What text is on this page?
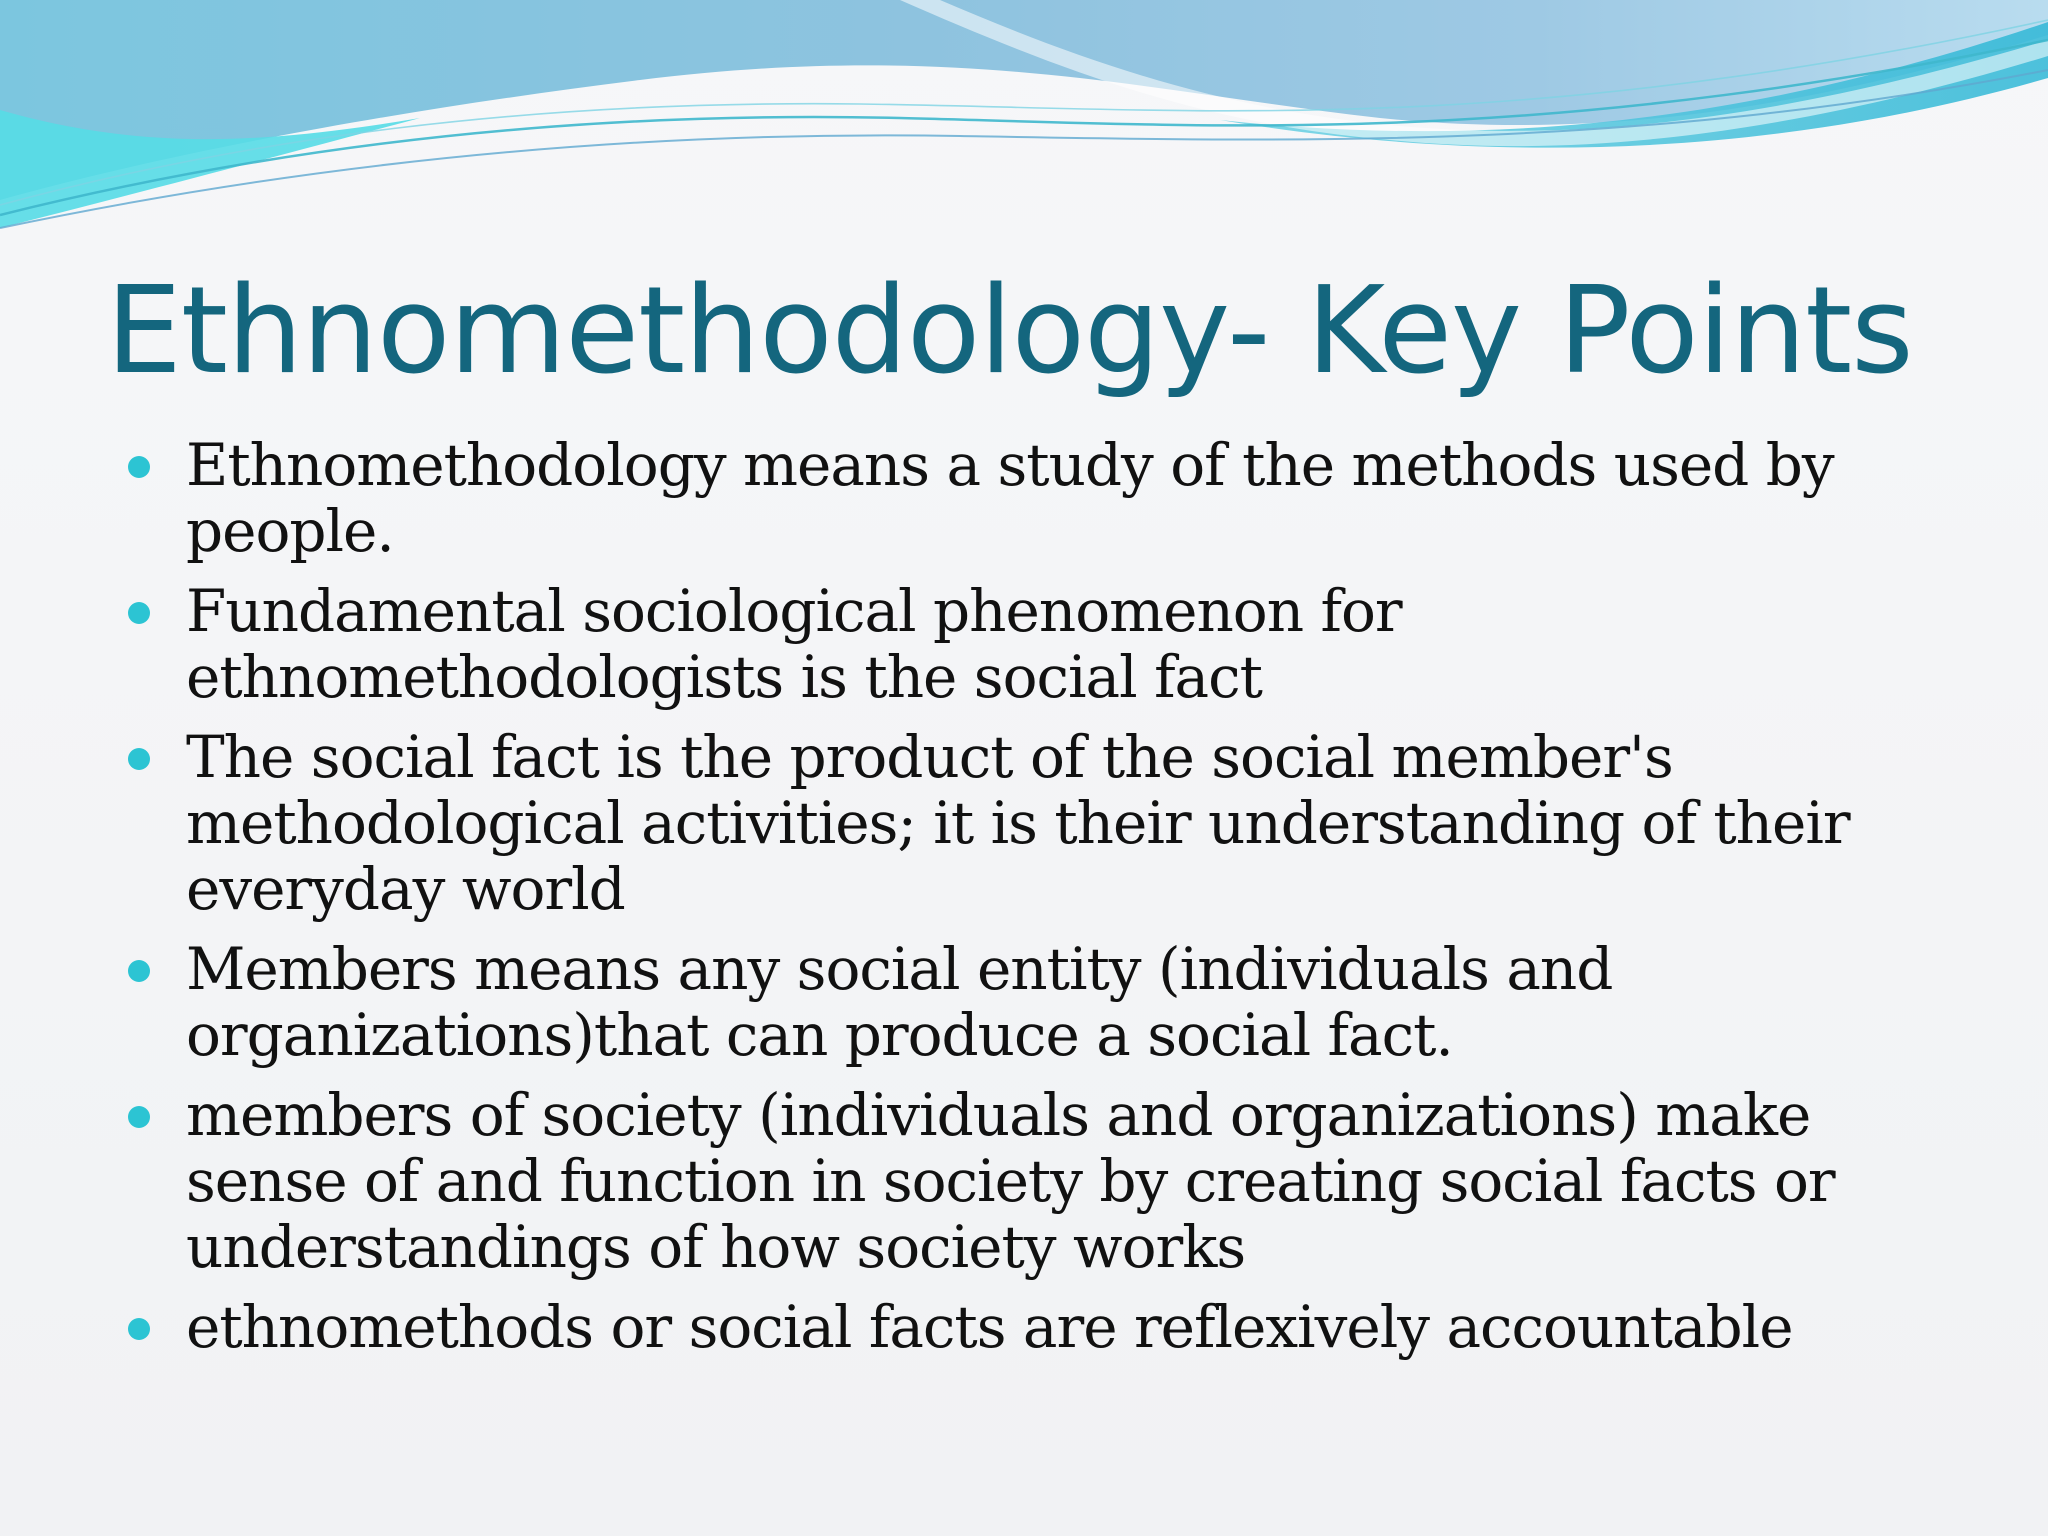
Ethnomethodology- Key Points
Ethnomethodology means a study of the methods used by people.
Fundamental sociological phenomenon for ethnomethodologists is the social fact
The social fact is the product of the social member's methodological activities; it is their understanding of their everyday world
Members means any social entity (individuals and organizations)that can produce a social fact.
members of society (individuals and organizations) make sense of and function in society by creating social facts or understandings of how society works
ethnomethods or social facts are reflexively accountable
